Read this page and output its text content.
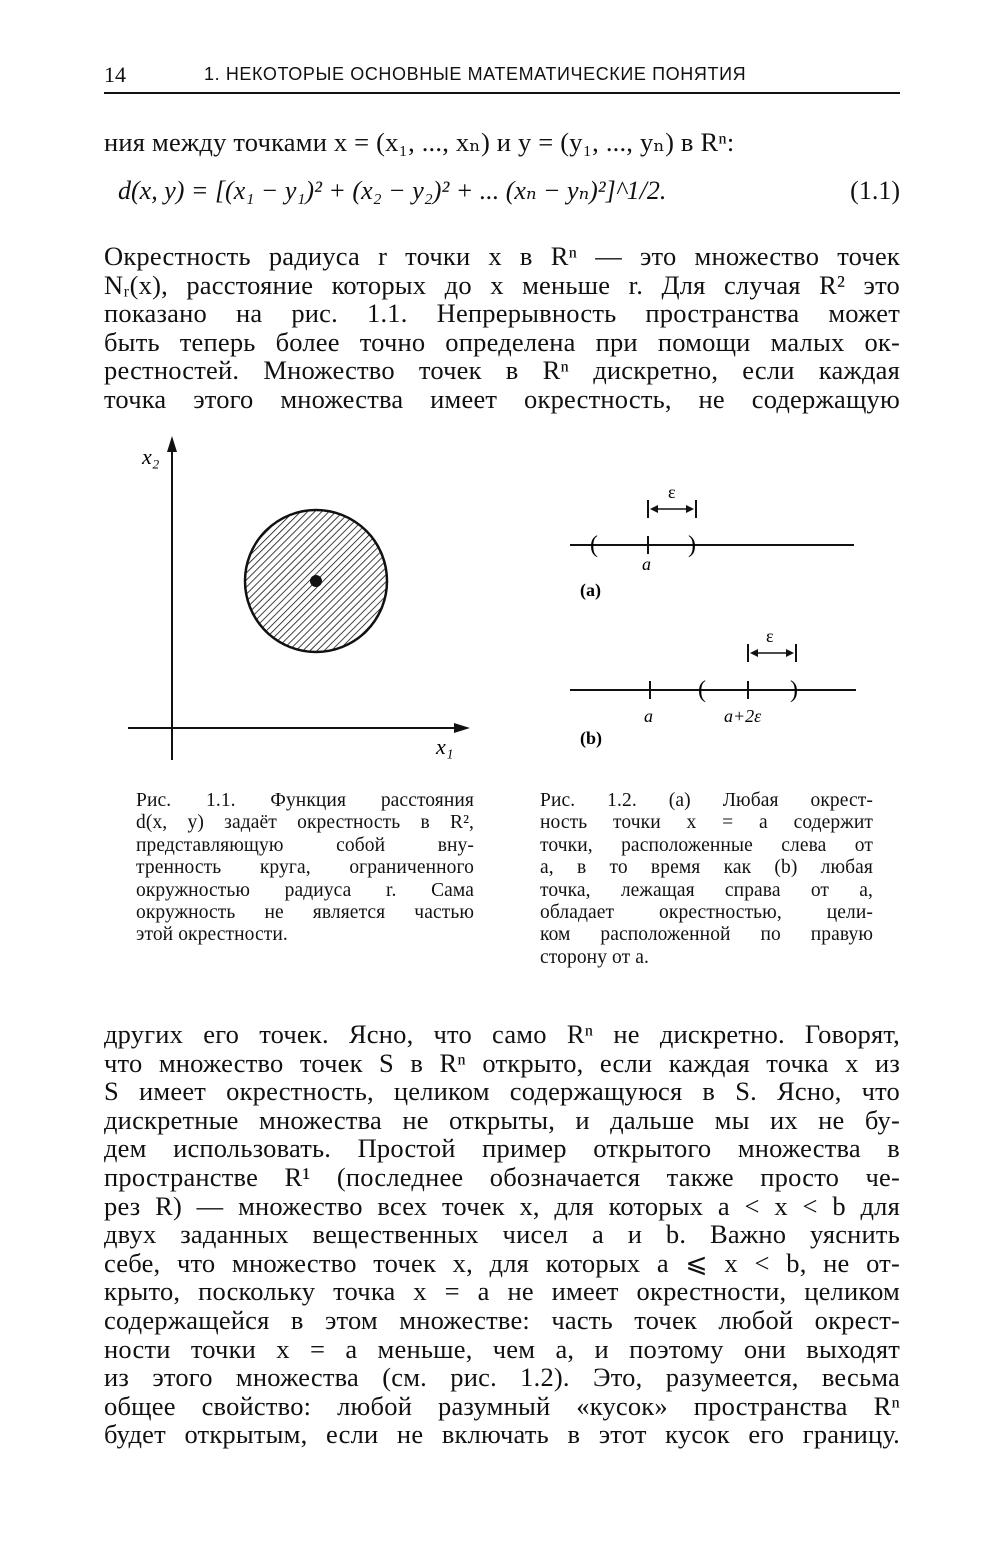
14	1. НЕКОТОРЫЕ ОСНОВНЫЕ МАТЕМАТИЧЕСКИЕ ПОНЯТИЯ
ния между точками x = (x₁, ..., xₙ) и y = (y₁, ..., yₙ) в Rⁿ:
d(x, y) = [(x₁ − y₁)² + (x₂ − y₂)² + ... (xₙ − yₙ)²]^1/2.	(1.1)
Окрестность радиуса r точки x в Rⁿ — это множество точек
Nᵣ(x), расстояние которых до x меньше r. Для случая R² это
показано на рис. 1.1. Непрерывность пространства может
быть теперь более точно определена при помощи малых ок-
рестностей. Множество точек в Rⁿ дискретно, если каждая
точка этого множества имеет окрестность, не содержащую
x₂
x₁
ε
(	)
a
(a)
ε
(	)
a	a+2ε
(b)
Рис. 1.1. Функция расстояния
d(x, y) задаёт окрестность в R²,
представляющую собой вну-
тренность круга, ограниченного
окружностью радиуса r. Сама
окружность не является частью
этой окрестности.
Рис. 1.2. (a) Любая окрест-
ность точки x = a содержит
точки, расположенные слева от
a, в то время как (b) любая
точка, лежащая справа от a,
обладает окрестностью, цели-
ком расположенной по правую
сторону от a.
других его точек. Ясно, что само Rⁿ не дискретно. Говорят,
что множество точек S в Rⁿ открыто, если каждая точка x из
S имеет окрестность, целиком содержащуюся в S. Ясно, что
дискретные множества не открыты, и дальше мы их не бу-
дем использовать. Простой пример открытого множества в
пространстве R¹ (последнее обозначается также просто че-
рез R) — множество всех точек x, для которых a < x < b для
двух заданных вещественных чисел a и b. Важно уяснить
себе, что множество точек x, для которых a ⩽ x < b, не от-
крыто, поскольку точка x = a не имеет окрестности, целиком
содержащейся в этом множестве: часть точек любой окрест-
ности точки x = a меньше, чем a, и поэтому они выходят
из этого множества (см. рис. 1.2). Это, разумеется, весьма
общее свойство: любой разумный «кусок» пространства Rⁿ
будет открытым, если не включать в этот кусок его границу.
